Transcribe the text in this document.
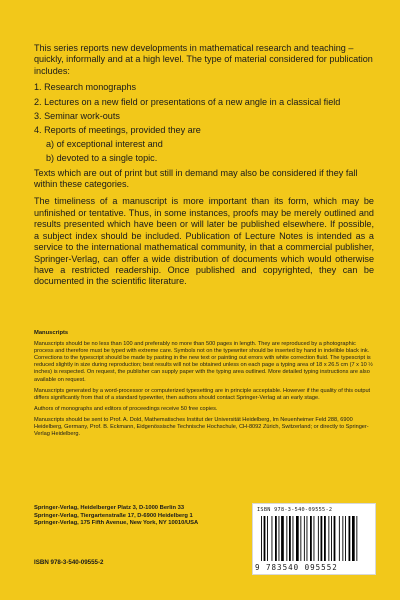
This series reports new developments in mathematical research and teaching – quickly, informally and at a high level. The type of material considered for publication includes:

1. Research monographs
2. Lectures on a new field or presentations of a new angle in a classical field
3. Seminar work-outs
4. Reports of meetings, provided they are
a) of exceptional interest and
b) devoted to a single topic.

Texts which are out of print but still in demand may also be considered if they fall within these categories.

The timeliness of a manuscript is more important than its form, which may be unfinished or tentative. Thus, in some instances, proofs may be merely outlined and results presented which have been or will later be published elsewhere. If possible, a subject index should be included. Publication of Lecture Notes is intended as a service to the international mathematical community, in that a commercial publisher, Springer-Verlag, can offer a wide distribution of documents which would otherwise have a restricted readership. Once published and copyrighted, they can be documented in the scientific literature.

Manuscripts

Manuscripts should be no less than 100 and preferably no more than 500 pages in length. They are reproduced by a photographic process and therefore must be typed with extreme care. Symbols not on the typewriter should be inserted by hand in indelible black ink. Corrections to the typescript should be made by pasting in the new text or painting out errors with white correction fluid. The typescript is reduced slightly in size during reproduction; best results will not be obtained unless on each page a typing area of 18 x 26.5 cm (7 x 10 ½ inches) is respected. On request, the publisher can supply paper with the typing area outlined. More detailed typing instructions are also available on request.

Manuscripts generated by a word-processor or computerized typesetting are in principle acceptable. However if the quality of this output differs significantly from that of a standard typewriter, then authors should contact Springer-Verlag at an early stage.

Authors of monographs and editors of proceedings receive 50 free copies.

Manuscripts should be sent to Prof. A. Dold, Mathematisches Institut der Universität Heidelberg, Im Neuenheimer Feld 288, 6900 Heidelberg, Germany, Prof. B. Eckmann, Eidgenössische Technische Hochschule, CH-8092 Zürich, Switzerland; or directly to Springer-Verlag Heidelberg.

Springer-Verlag, Heidelberger Platz 3, D-1000 Berlin 33
Springer-Verlag, Tiergartenstraße 17, D-6900 Heidelberg 1
Springer-Verlag, 175 Fifth Avenue, New York, NY 10010/USA
ISBN 978-3-540-09555-2
ISBN 978-3-540-09555-2
9 783540 095552
